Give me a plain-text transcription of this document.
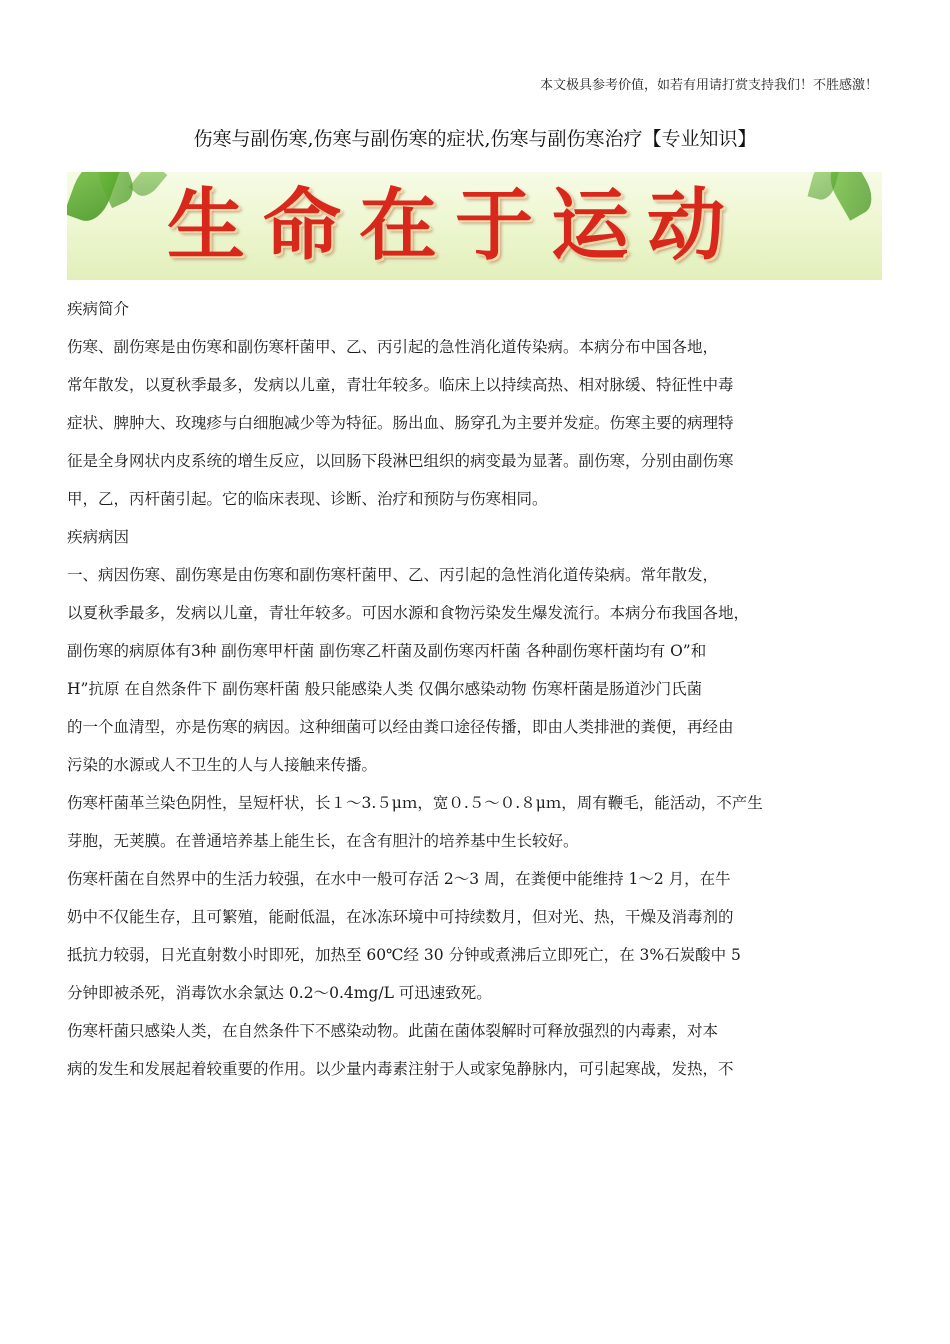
本文极具参考价值，如若有用请打赏支持我们！不胜感激！
伤寒与副伤寒,伤寒与副伤寒的症状,伤寒与副伤寒治疗【专业知识】
生命在于运动

疾病简介

伤寒、副伤寒是由伤寒和副伤寒杆菌甲、乙、丙引起的急性消化道传染病。本病分布中国各地，
常年散发，以夏秋季最多，发病以儿童，青壮年较多。临床上以持续高热、相对脉缓、特征性中毒
症状、脾肿大、玫瑰疹与白细胞减少等为特征。肠出血、肠穿孔为主要并发症。伤寒主要的病理特
征是全身网状内皮系统的增生反应，以回肠下段淋巴组织的病变最为显著。副伤寒，分别由副伤寒
甲，乙，丙杆菌引起。它的临床表现、诊断、治疗和预防与伤寒相同。

疾病病因

一、病因伤寒、副伤寒是由伤寒和副伤寒杆菌甲、乙、丙引起的急性消化道传染病。常年散发，
以夏秋季最多，发病以儿童，青壮年较多。可因水源和食物污染发生爆发流行。本病分布我国各地，
副伤寒的病原体有3种 副伤寒甲杆菌 副伤寒乙杆菌及副伤寒丙杆菌 各种副伤寒杆菌均有 O”和
H”抗原 在自然条件下 副伤寒杆菌 般只能感染人类 仅偶尔感染动物 伤寒杆菌是肠道沙门氏菌
的一个血清型，亦是伤寒的病因。这种细菌可以经由粪口途径传播，即由人类排泄的粪便，再经由
污染的水源或人不卫生的人与人接触来传播。

伤寒杆菌革兰染色阴性，呈短杆状，长１～3.５μｍ，宽０.５～０.８μｍ，周有鞭毛，能活动，不产生
芽胞，无荚膜。在普通培养基上能生长，在含有胆汁的培养基中生长较好。

伤寒杆菌在自然界中的生活力较强，在水中一般可存活 2～3 周，在粪便中能维持 1～2 月，在牛
奶中不仅能生存，且可繁殖，能耐低温，在冰冻环境中可持续数月，但对光、热，干燥及消毒剂的
抵抗力较弱，日光直射数小时即死，加热至 60℃经 30 分钟或煮沸后立即死亡，在 3%石炭酸中 5
分钟即被杀死，消毒饮水余氯达 0.2～0.4mg/L 可迅速致死。

伤寒杆菌只感染人类，在自然条件下不感染动物。此菌在菌体裂解时可释放强烈的内毒素，对本
病的发生和发展起着较重要的作用。以少量内毒素注射于人或家兔静脉内，可引起寒战，发热，不
